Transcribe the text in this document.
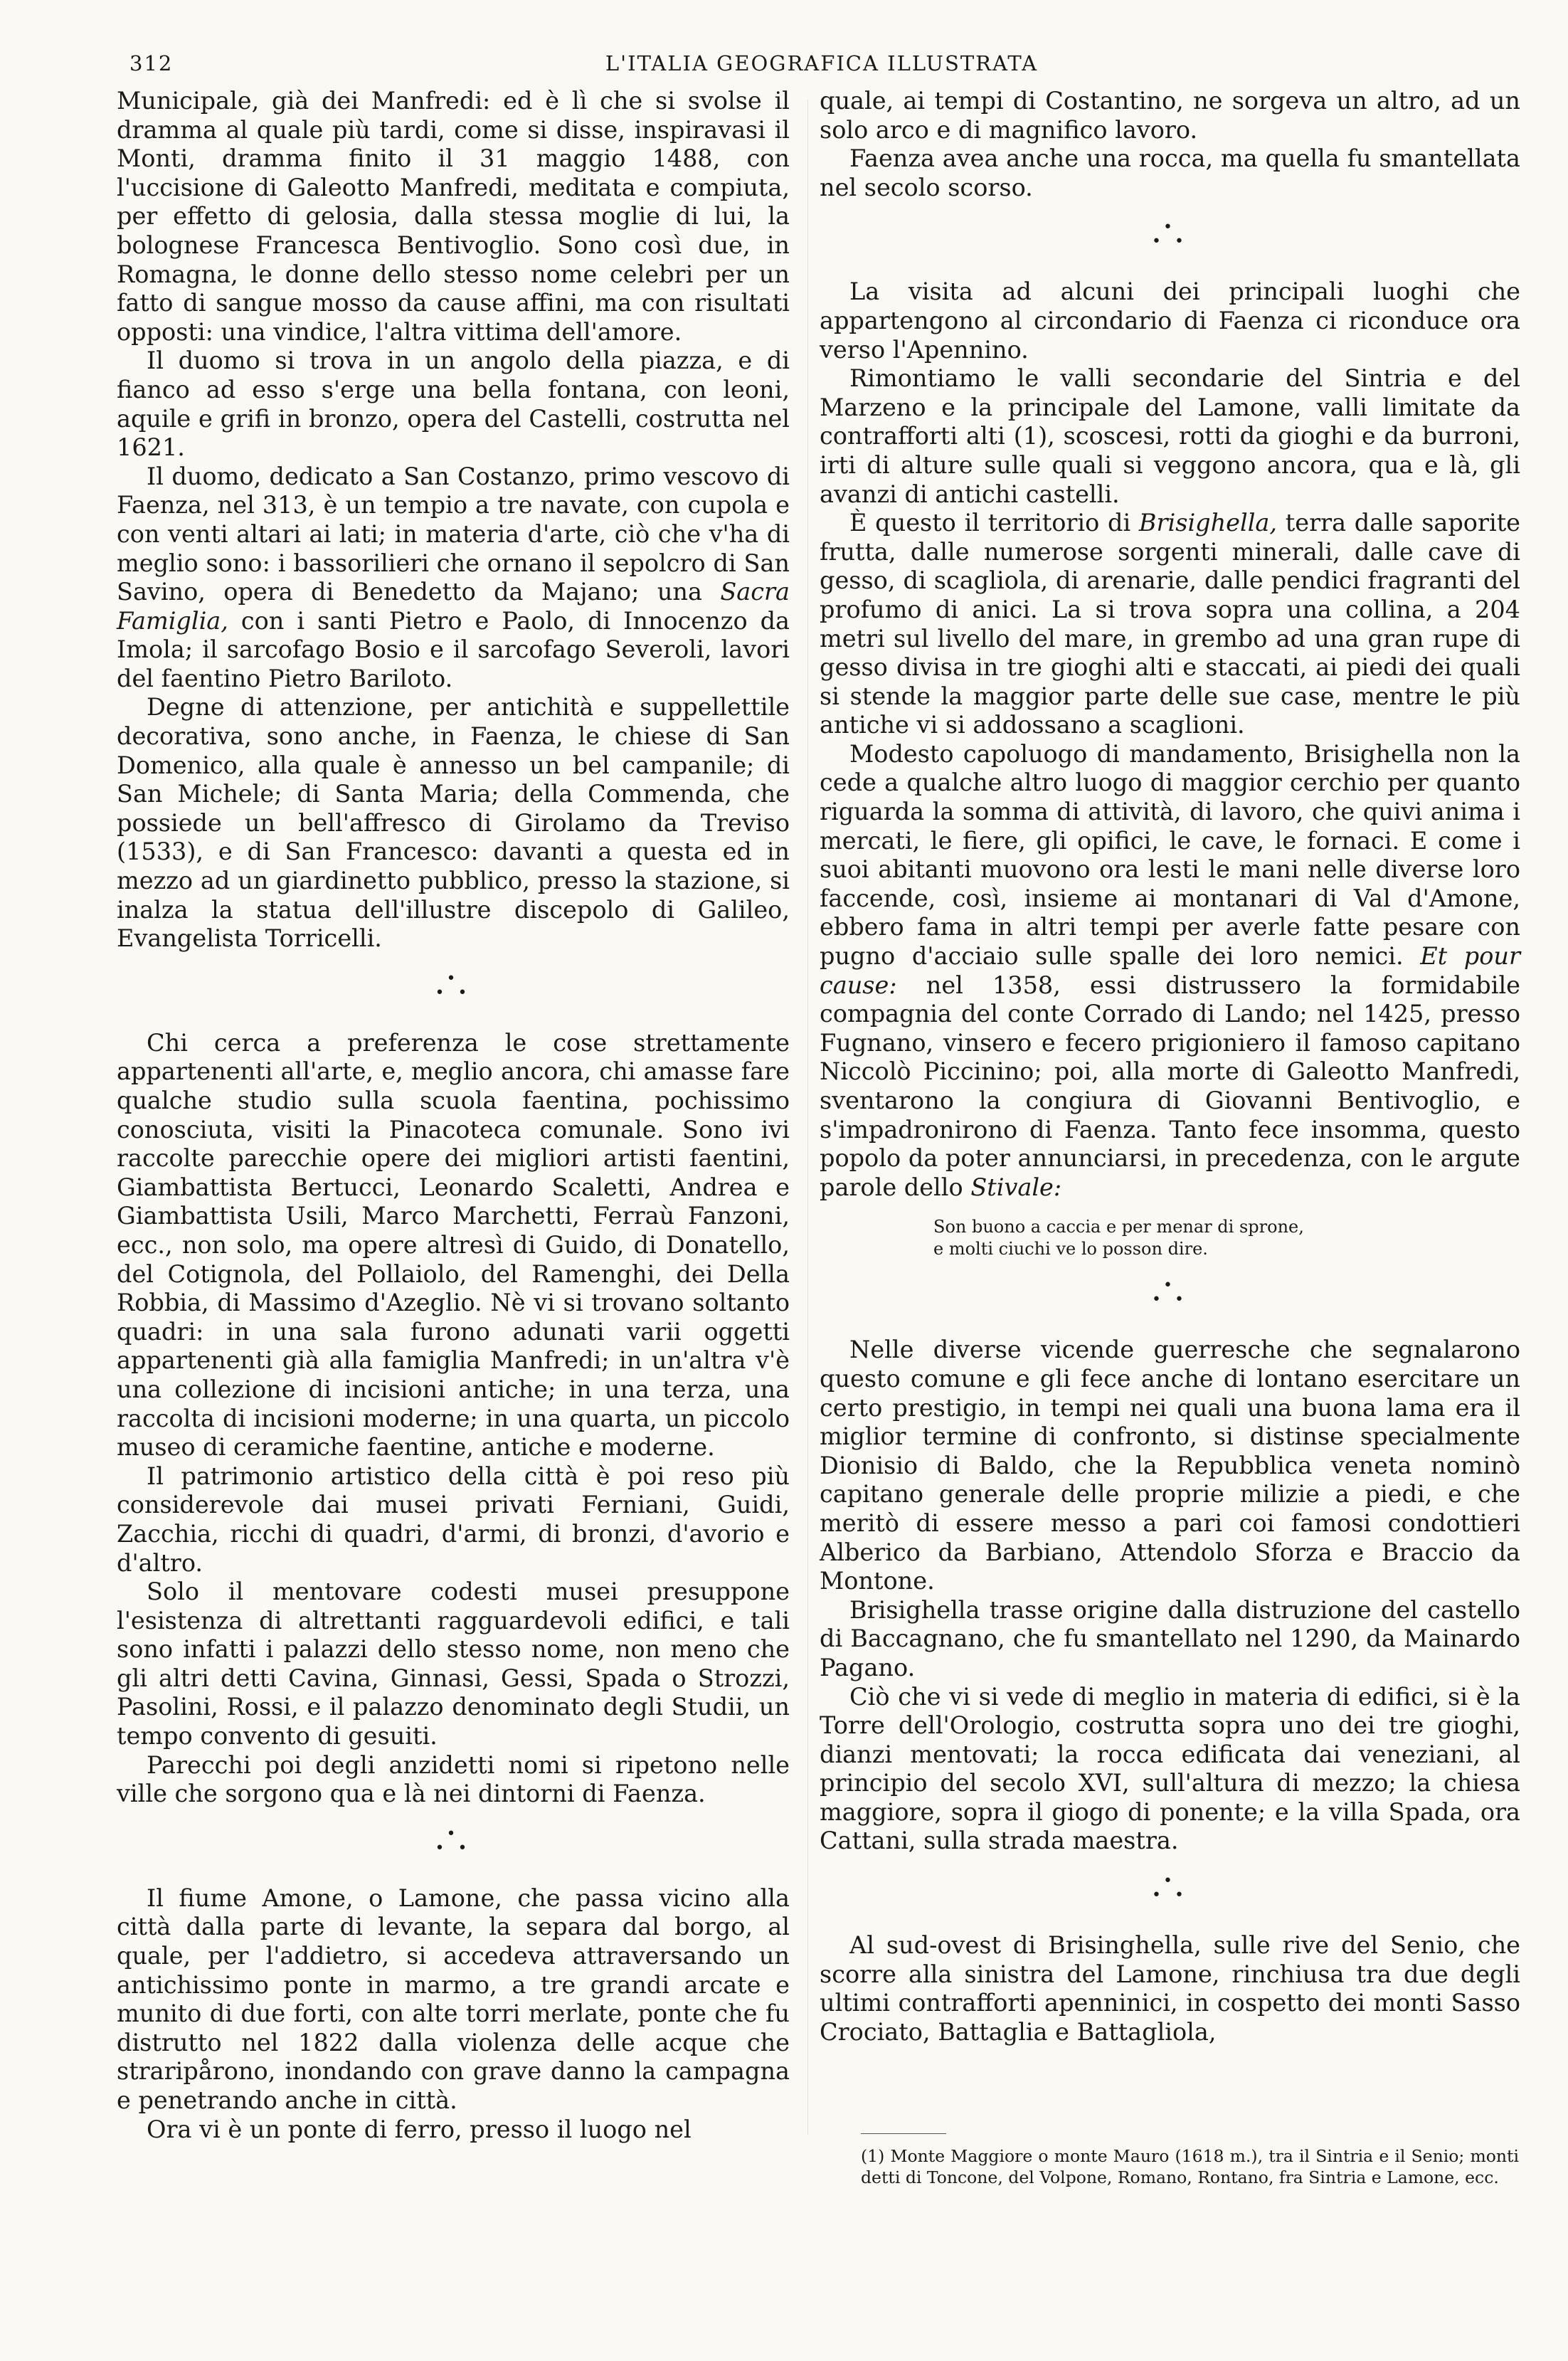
312	L'ITALIA GEOGRAFICA ILLUSTRATA

Municipale, già dei Manfredi: ed è lì che si svolse il dramma al quale più tardi, come si disse, inspiravasi il Monti, dramma finito il 31 maggio 1488, con l'uccisione di Galeotto Manfredi, meditata e compiuta, per effetto di gelosia, dalla stessa moglie di lui, la bolognese Francesca Bentivoglio. Sono così due, in Romagna, le donne dello stesso nome celebri per un fatto di sangue mosso da cause affini, ma con risultati opposti: una vindice, l'altra vittima dell'amore.

Il duomo si trova in un angolo della piazza, e di fianco ad esso s'erge una bella fontana, con leoni, aquile e grifi in bronzo, opera del Castelli, costrutta nel 1621.

Il duomo, dedicato a San Costanzo, primo vescovo di Faenza, nel 313, è un tempio a tre navate, con cupola e con venti altari ai lati; in materia d'arte, ciò che v'ha di meglio sono: i bassorilieri che ornano il sepolcro di San Savino, opera di Benedetto da Majano; una Sacra Famiglia, con i santi Pietro e Paolo, di Innocenzo da Imola; il sarcofago Bosio e il sarcofago Severoli, lavori del faentino Pietro Bariloto.

Degne di attenzione, per antichità e suppellettile decorativa, sono anche, in Faenza, le chiese di San Domenico, alla quale è annesso un bel campanile; di San Michele; di Santa Maria; della Commenda, che possiede un bell'affresco di Girolamo da Treviso (1533), e di San Francesco: davanti a questa ed in mezzo ad un giardinetto pubblico, presso la stazione, si inalza la statua dell'illustre discepolo di Galileo, Evangelista Torricelli.

•
• •

Chi cerca a preferenza le cose strettamente appartenenti all'arte, e, meglio ancora, chi amasse fare qualche studio sulla scuola faentina, pochissimo conosciuta, visiti la Pinacoteca comunale. Sono ivi raccolte parecchie opere dei migliori artisti faentini, Giambattista Bertucci, Leonardo Scaletti, Andrea e Giambattista Usili, Marco Marchetti, Ferraù Fanzoni, ecc., non solo, ma opere altresì di Guido, di Donatello, del Cotignola, del Pollaiolo, del Ramenghi, dei Della Robbia, di Massimo d'Azeglio. Nè vi si trovano soltanto quadri: in una sala furono adunati varii oggetti appartenenti già alla famiglia Manfredi; in un'altra v'è una collezione di incisioni antiche; in una terza, una raccolta di incisioni moderne; in una quarta, un piccolo museo di ceramiche faentine, antiche e moderne.

Il patrimonio artistico della città è poi reso più considerevole dai musei privati Ferniani, Guidi, Zacchia, ricchi di quadri, d'armi, di bronzi, d'avorio e d'altro.

Solo il mentovare codesti musei presuppone l'esistenza di altrettanti ragguardevoli edifici, e tali sono infatti i palazzi dello stesso nome, non meno che gli altri detti Cavina, Ginnasi, Gessi, Spada o Strozzi, Pasolini, Rossi, e il palazzo denominato degli Studii, un tempo convento di gesuiti.

Parecchi poi degli anzidetti nomi si ripetono nelle ville che sorgono qua e là nei dintorni di Faenza.

•
• •

Il fiume Amone, o Lamone, che passa vicino alla città dalla parte di levante, la separa dal borgo, al quale, per l'addietro, si accedeva attraversando un antichissimo ponte in marmo, a tre grandi arcate e munito di due forti, con alte torri merlate, ponte che fu distrutto nel 1822 dalla violenza delle acque che straripårono, inondando con grave danno la campagna e penetrando anche in città.

Ora vi è un ponte di ferro, presso il luogo nel

quale, ai tempi di Costantino, ne sorgeva un altro, ad un solo arco e di magnifico lavoro.

Faenza avea anche una rocca, ma quella fu smantellata nel secolo scorso.

•
• •

La visita ad alcuni dei principali luoghi che appartengono al circondario di Faenza ci riconduce ora verso l'Apennino.

Rimontiamo le valli secondarie del Sintria e del Marzeno e la principale del Lamone, valli limitate da contrafforti alti (1), scoscesi, rotti da gioghi e da burroni, irti di alture sulle quali si veggono ancora, qua e là, gli avanzi di antichi castelli.

È questo il territorio di Brisighella, terra dalle saporite frutta, dalle numerose sorgenti minerali, dalle cave di gesso, di scagliola, di arenarie, dalle pendici fragranti del profumo di anici. La si trova sopra una collina, a 204 metri sul livello del mare, in grembo ad una gran rupe di gesso divisa in tre gioghi alti e staccati, ai piedi dei quali si stende la maggior parte delle sue case, mentre le più antiche vi si addossano a scaglioni.

Modesto capoluogo di mandamento, Brisighella non la cede a qualche altro luogo di maggior cerchio per quanto riguarda la somma di attività, di lavoro, che quivi anima i mercati, le fiere, gli opifici, le cave, le fornaci. E come i suoi abitanti muovono ora lesti le mani nelle diverse loro faccende, così, insieme ai montanari di Val d'Amone, ebbero fama in altri tempi per averle fatte pesare con pugno d'acciaio sulle spalle dei loro nemici. Et pour cause: nel 1358, essi distrussero la formidabile compagnia del conte Corrado di Lando; nel 1425, presso Fugnano, vinsero e fecero prigioniero il famoso capitano Niccolò Piccinino; poi, alla morte di Galeotto Manfredi, sventarono la congiura di Giovanni Bentivoglio, e s'impadronirono di Faenza. Tanto fece insomma, questo popolo da poter annunciarsi, in precedenza, con le argute parole dello Stivale:

Son buono a caccia e per menar di sprone,
e molti ciuchi ve lo posson dire.
•
• •

Nelle diverse vicende guerresche che segnalarono questo comune e gli fece anche di lontano esercitare un certo prestigio, in tempi nei quali una buona lama era il miglior termine di confronto, si distinse specialmente Dionisio di Baldo, che la Repubblica veneta nominò capitano generale delle proprie milizie a piedi, e che meritò di essere messo a pari coi famosi condottieri Alberico da Barbiano, Attendolo Sforza e Braccio da Montone.

Brisighella trasse origine dalla distruzione del castello di Baccagnano, che fu smantellato nel 1290, da Mainardo Pagano.

Ciò che vi si vede di meglio in materia di edifici, si è la Torre dell'Orologio, costrutta sopra uno dei tre gioghi, dianzi mentovati; la rocca edificata dai veneziani, al principio del secolo XVI, sull'altura di mezzo; la chiesa maggiore, sopra il giogo di ponente; e la villa Spada, ora Cattani, sulla strada maestra.

•
• •

Al sud-ovest di Brisinghella, sulle rive del Senio, che scorre alla sinistra del Lamone, rinchiusa tra due degli ultimi contrafforti apenninici, in cospetto dei monti Sasso Crociato, Battaglia e Battagliola,

(1) Monte Maggiore o monte Mauro (1618 m.), tra il Sintria e il Senio; monti detti di Toncone, del Volpone, Romano, Rontano, fra Sintria e Lamone, ecc.
